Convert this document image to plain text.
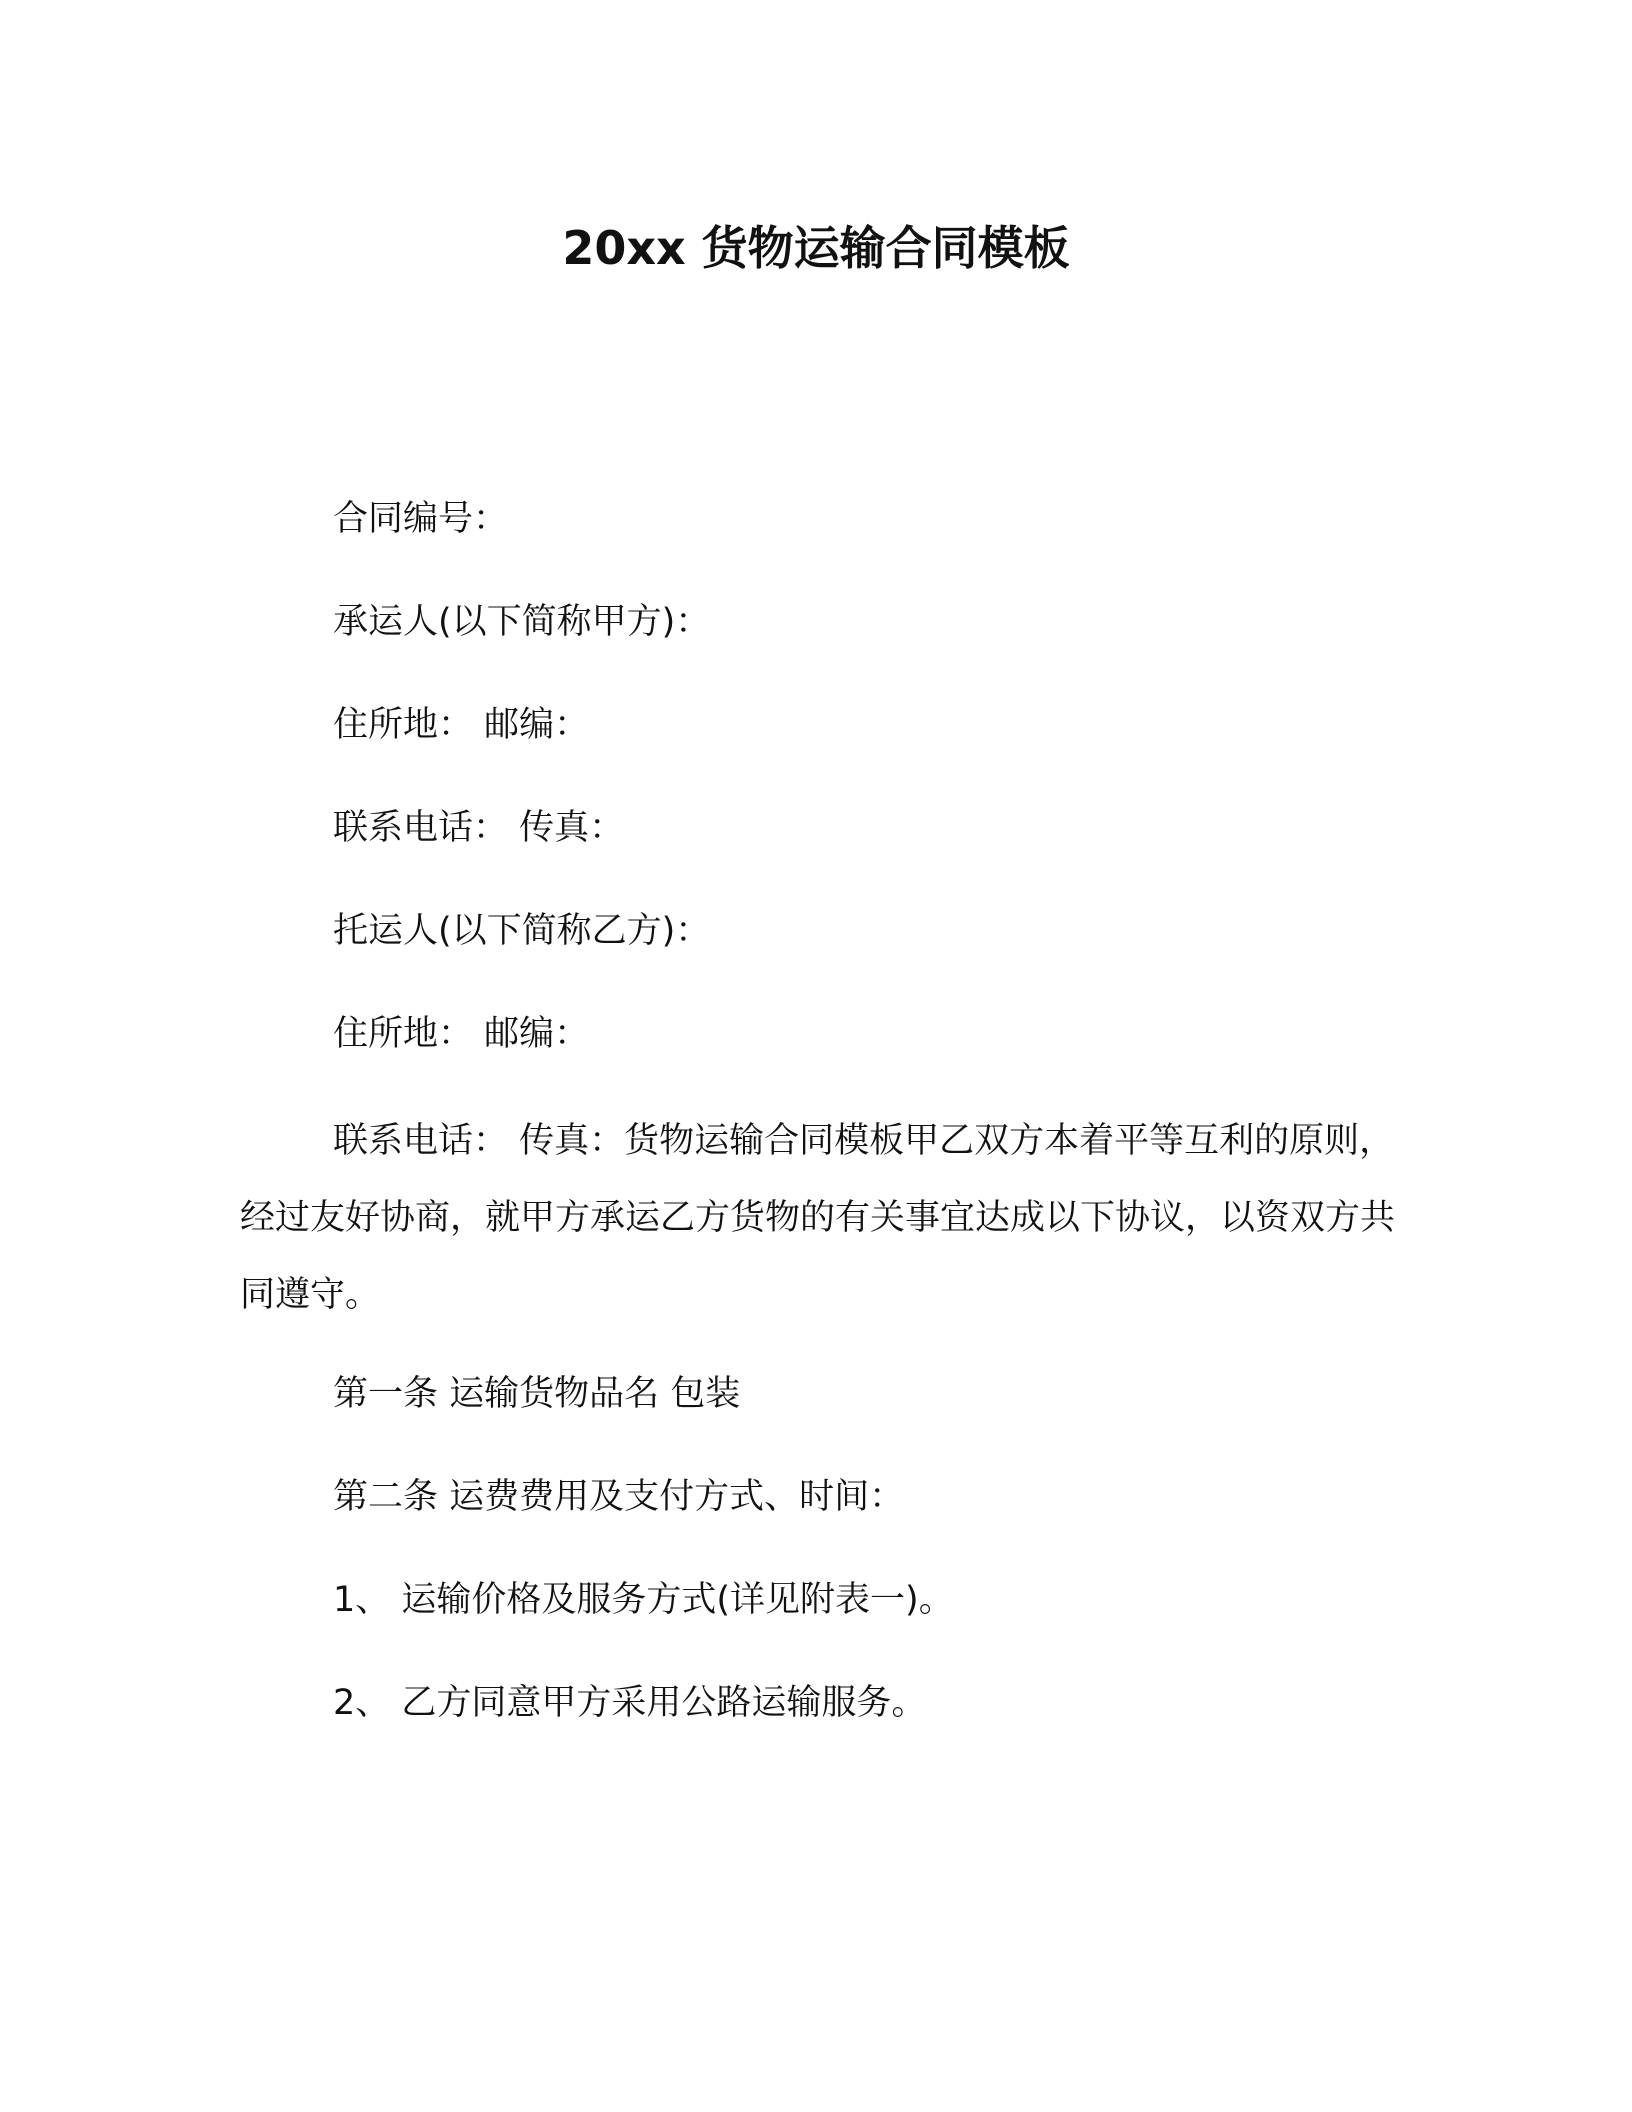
20xx 货物运输合同模板
合同编号：
承运人(以下简称甲方)：
住所地： 邮编：
联系电话： 传真：
托运人(以下简称乙方)：
住所地： 邮编：
联系电话： 传真：货物运输合同模板甲乙双方本着平等互利的原则，经过友好协商，就甲方承运乙方货物的有关事宜达成以下协议，以资双方共同遵守。
第一条 运输货物品名 包装
第二条 运费费用及支付方式、时间：
1、 运输价格及服务方式(详见附表一)。
2、 乙方同意甲方采用公路运输服务。
